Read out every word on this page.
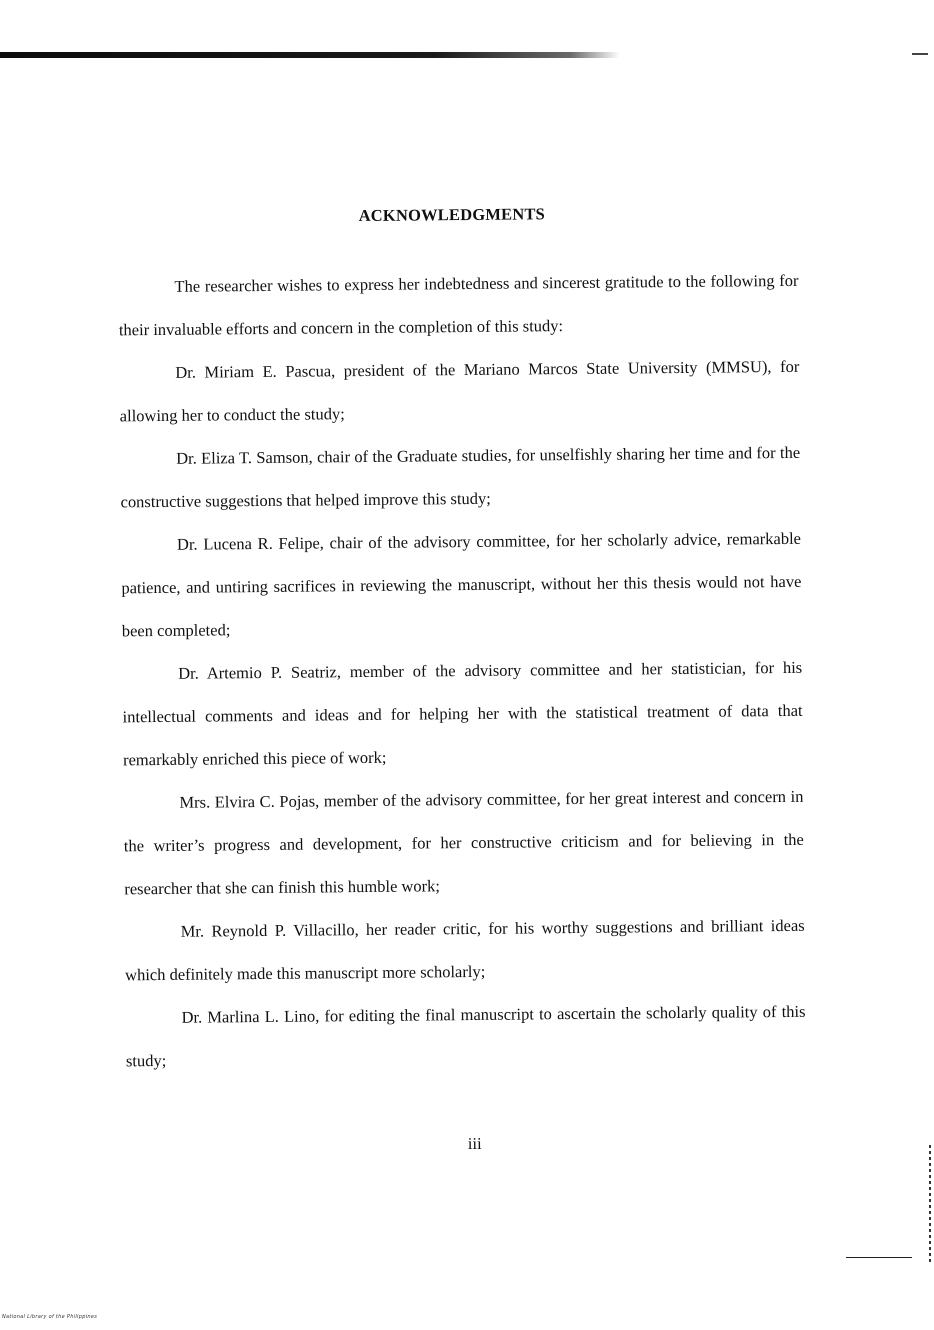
ACKNOWLEDGMENTS

The researcher wishes to express her indebtedness and sincerest gratitude to the following for their invaluable efforts and concern in the completion of this study:

Dr. Miriam E. Pascua, president of the Mariano Marcos State University (MMSU), for allowing her to conduct the study;

Dr. Eliza T. Samson, chair of the Graduate studies, for unselfishly sharing her time and for the constructive suggestions that helped improve this study;

Dr. Lucena R. Felipe, chair of the advisory committee, for her scholarly advice, remarkable patience, and untiring sacrifices in reviewing the manuscript, without her this thesis would not have been completed;

Dr. Artemio P. Seatriz, member of the advisory committee and her statistician, for his intellectual comments and ideas and for helping her with the statistical treatment of data that remarkably enriched this piece of work;

Mrs. Elvira C. Pojas, member of the advisory committee, for her great interest and concern in the writer’s progress and development, for her constructive criticism and for believing in the researcher that she can finish this humble work;

Mr. Reynold P. Villacillo, her reader critic, for his worthy suggestions and brilliant ideas which definitely made this manuscript more scholarly;

Dr. Marlina L. Lino, for editing the final manuscript to ascertain the scholarly quality of this study;

iii
National Library of the Philippines
